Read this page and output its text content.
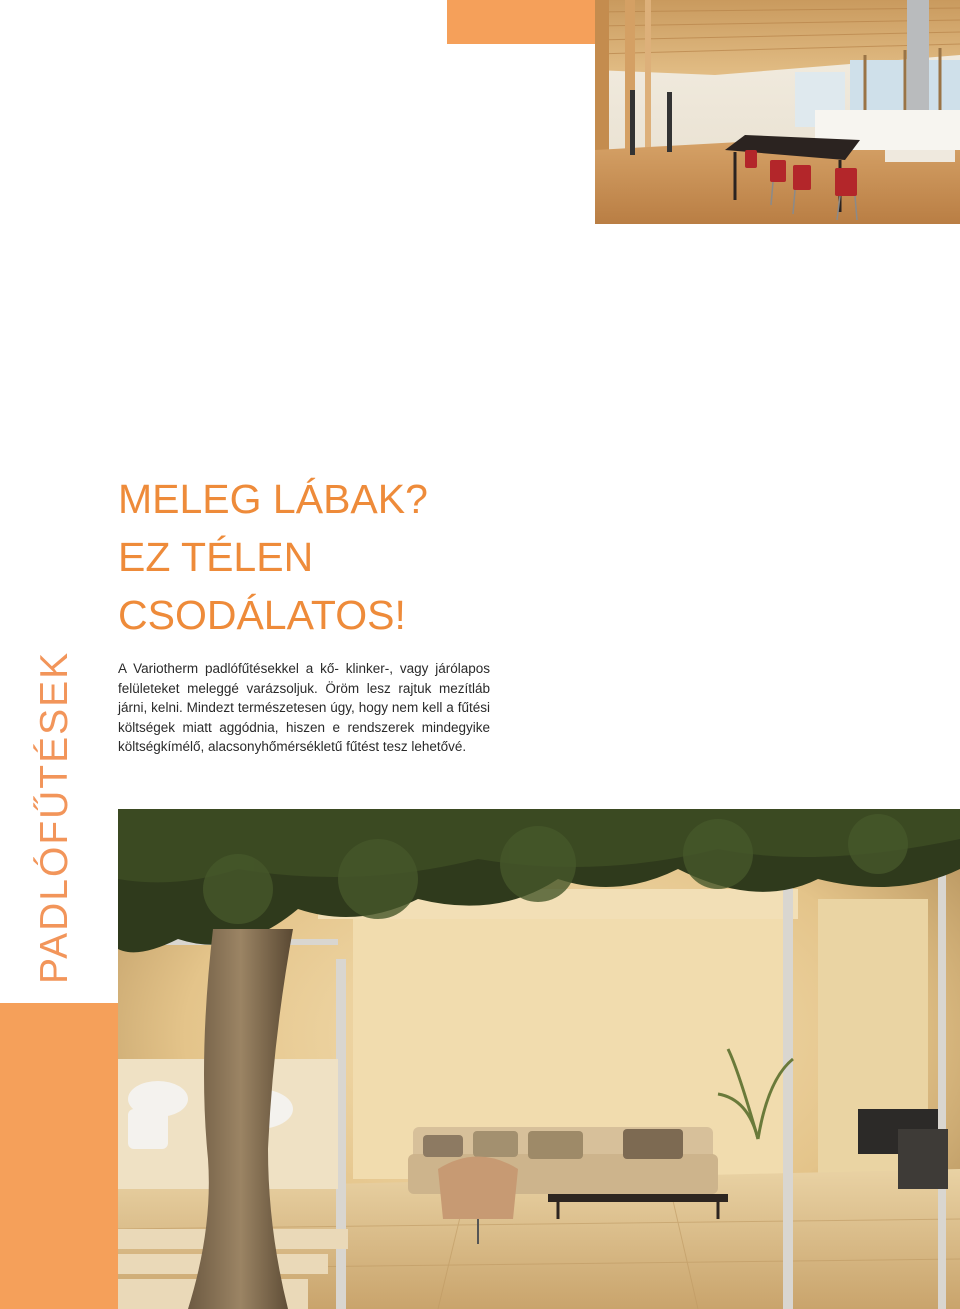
MELEG LÁBAK?
EZ TÉLEN
CSODÁLATOS!

A Variotherm padlófűtésekkel a kő- klinker-, vagy járólapos felületeket meleggé varázsoljuk. Öröm lesz rajtuk mezítláb járni, kelni. Mindezt természetesen úgy, hogy nem kell a fűtési költségek miatt aggódnia, hiszen e rendszerek mindegyike költségkímélő, alacsonyhőmérsékletű fűtést tesz lehetővé.

PADLÓFŰTÉSEK
